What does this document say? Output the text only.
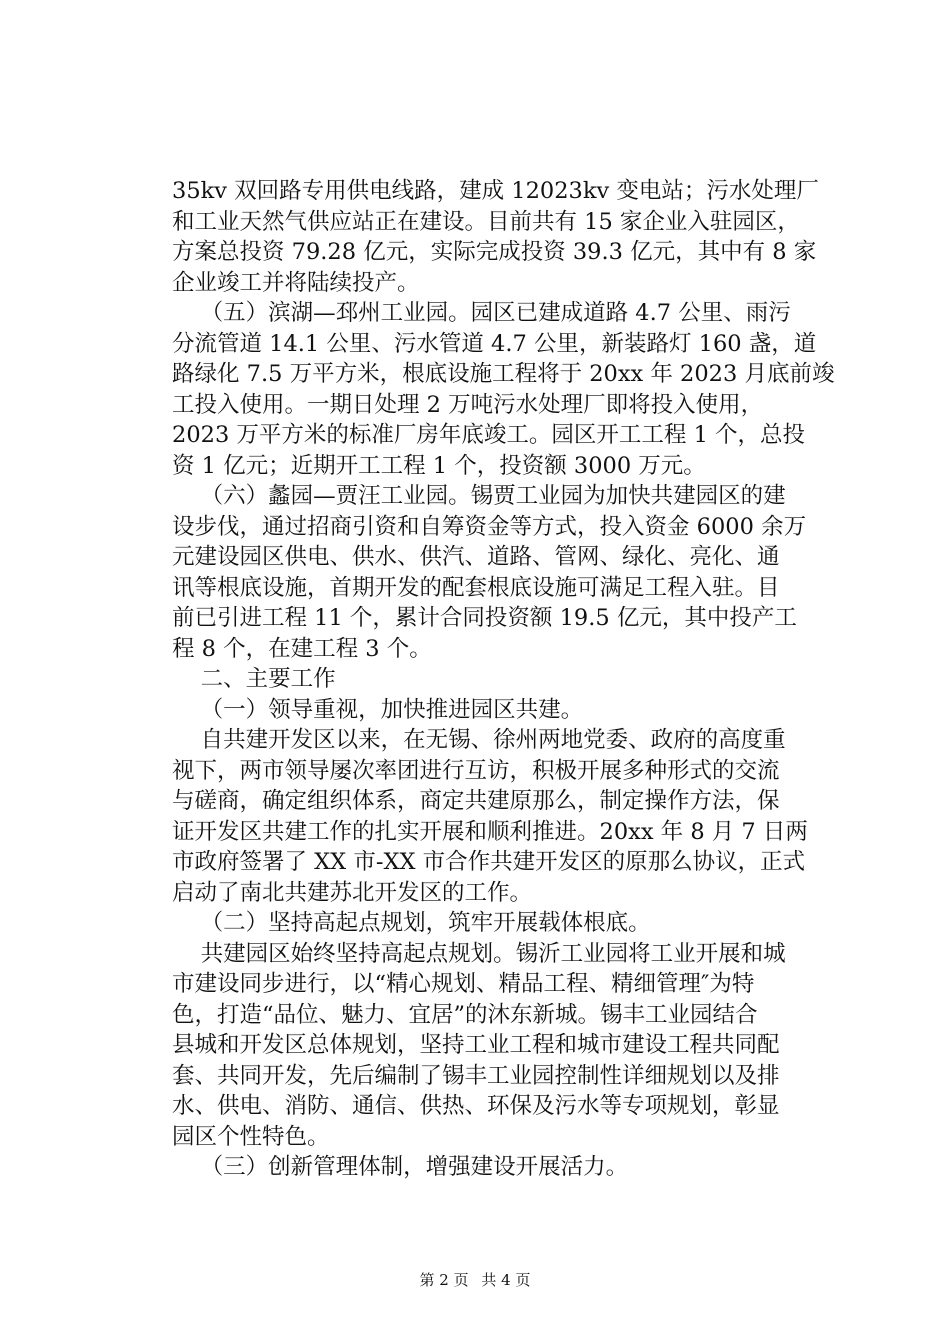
35kv 双回路专用供电线路，建成 12023kv 变电站；污水处理厂
和工业天然气供应站正在建设。目前共有 15 家企业入驻园区，
方案总投资 79.28 亿元，实际完成投资 39.3 亿元，其中有 8 家
企业竣工并将陆续投产。
（五）滨湖—邳州工业园。园区已建成道路 4.7 公里、雨污
分流管道 14.1 公里、污水管道 4.7 公里，新装路灯 160 盏，道
路绿化 7.5 万平方米，根底设施工程将于 20xx 年 2023 月底前竣
工投入使用。一期日处理 2 万吨污水处理厂即将投入使用，
2023 万平方米的标准厂房年底竣工。园区开工工程 1 个，总投
资 1 亿元；近期开工工程 1 个，投资额 3000 万元。
（六）蠡园—贾汪工业园。锡贾工业园为加快共建园区的建
设步伐，通过招商引资和自筹资金等方式，投入资金 6000 余万
元建设园区供电、供水、供汽、道路、管网、绿化、亮化、通
讯等根底设施，首期开发的配套根底设施可满足工程入驻。目
前已引进工程 11 个，累计合同投资额 19.5 亿元，其中投产工
程 8 个，在建工程 3 个。
二、主要工作
（一）领导重视，加快推进园区共建。
自共建开发区以来，在无锡、徐州两地党委、政府的高度重
视下，两市领导屡次率团进行互访，积极开展多种形式的交流
与磋商，确定组织体系，商定共建原那么，制定操作方法，保
证开发区共建工作的扎实开展和顺利推进。20xx 年 8 月 7 日两
市政府签署了 XX 市-XX 市合作共建开发区的原那么协议，正式
启动了南北共建苏北开发区的工作。
（二）坚持高起点规划，筑牢开展载体根底。
共建园区始终坚持高起点规划。锡沂工业园将工业开展和城
市建设同步进行，以“精心规划、精品工程、精细管理″为特
色，打造“品位、魅力、宜居”的沐东新城。锡丰工业园结合
县城和开发区总体规划，坚持工业工程和城市建设工程共同配
套、共同开发，先后编制了锡丰工业园控制性详细规划以及排
水、供电、消防、通信、供热、环保及污水等专项规划，彰显
园区个性特色。
（三）创新管理体制，增强建设开展活力。
第 2 页 共 4 页
